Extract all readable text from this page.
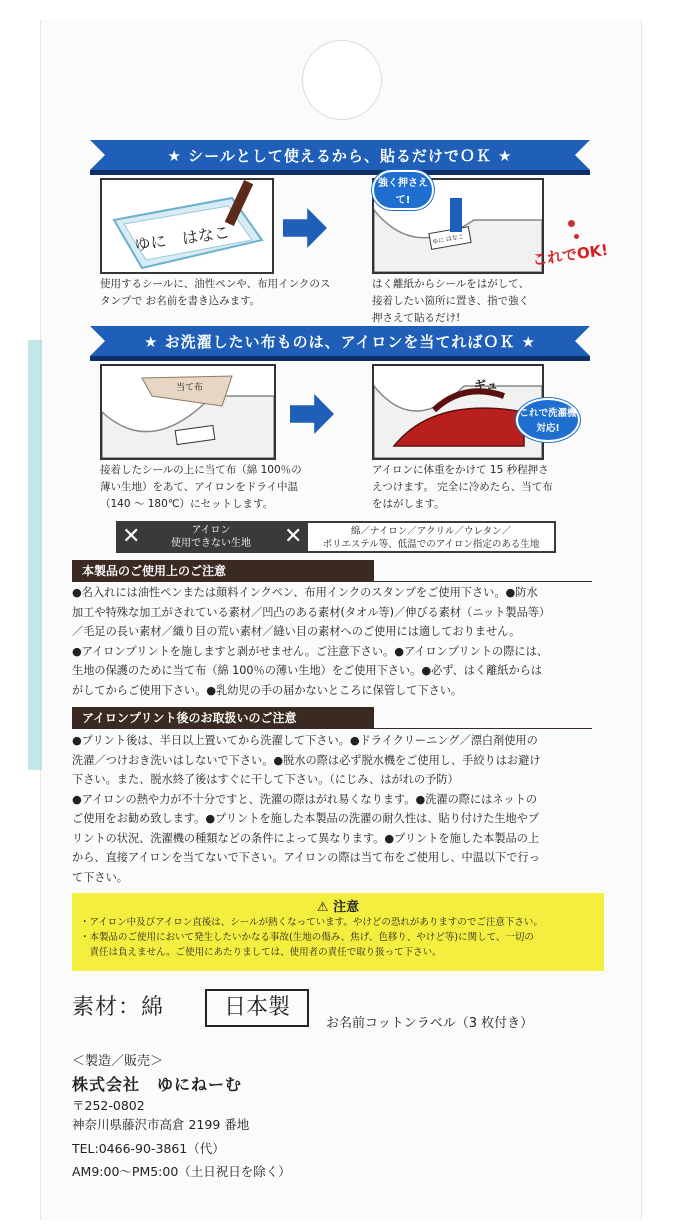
★ シールとして使えるから、貼るだけでＯＫ ★
ゆに　はなこ	ゆに はなこ
強く押さえて!
これでOK!
使用するシールに、油性ペンや、布用インクのス
タンプで お名前を書き込みます。
はく離紙からシールをはがして、
接着したい箇所に置き、指で強く
押さえて貼るだけ!
★ お洗濯したい布ものは、アイロンを当てればＯＫ ★
当て布	ギュ
これで洗濯機対応!
接着したシールの上に当て布（綿 100％の
薄い生地）をあて、アイロンをドライ中温
（140 ～ 180℃）にセットします。
アイロンに体重をかけて 15 秒程押さ
えつけます。 完全に冷めたら、当て布
をはがします。
✕	アイロン
使用できない生地	✕	綿／ナイロン／アクリル／ウレタン／
ポリエステル等、低温でのアイロン指定のある生地
本製品のご使用上のご注意
●名入れには油性ペンまたは顔料インクペン、布用インクのスタンプをご使用下さい。●防水
加工や特殊な加工がされている素材／凹凸のある素材(タオル等)／伸びる素材（ニット製品等）
／毛足の長い素材／織り目の荒い素材／縫い目の素材へのご使用には適しておりません。
●アイロンプリントを施しますと剥がせません。ご注意下さい。●アイロンプリントの際には、
生地の保護のために当て布（綿 100％の薄い生地）をご使用下さい。●必ず、はく離紙からは
がしてからご使用下さい。●乳幼児の手の届かないところに保管して下さい。
アイロンプリント後のお取扱いのご注意
●プリント後は、半日以上置いてから洗濯して下さい。●ドライクリーニング／漂白剤使用の
洗濯／つけおき洗いはしないで下さい。●脱水の際は必ず脱水機をご使用し、手絞りはお避け
下さい。また、脱水終了後はすぐに干して下さい。（にじみ、はがれの予防）
●アイロンの熱や力が不十分ですと、洗濯の際はがれ易くなります。●洗濯の際にはネットの
ご使用をお勧め致します。●プリントを施した本製品の洗濯の耐久性は、貼り付けた生地やプ
リントの状況、洗濯機の種類などの条件によって異なります。●プリントを施した本製品の上
から、直接アイロンを当てないで下さい。アイロンの際は当て布をご使用し、中温以下で行っ
て下さい。
⚠ 注意
・アイロン中及びアイロン直後は、シールが熱くなっています。やけどの恐れがありますのでご注意下さい。
・本製品のご使用において発生したいかなる事故(生地の傷み、焦げ、色移り、やけど等)に関して、一切の
　責任は負えません。ご使用にあたりましては、使用者の責任で取り扱って下さい。
素材：綿	日本製
お名前コットンラベル（3 枚付き）
＜製造／販売＞
株式会社　ゆにねーむ
〒252-0802
神奈川県藤沢市高倉 2199 番地
TEL:0466-90-3861（代）
AM9:00～PM5:00（土日祝日を除く）
